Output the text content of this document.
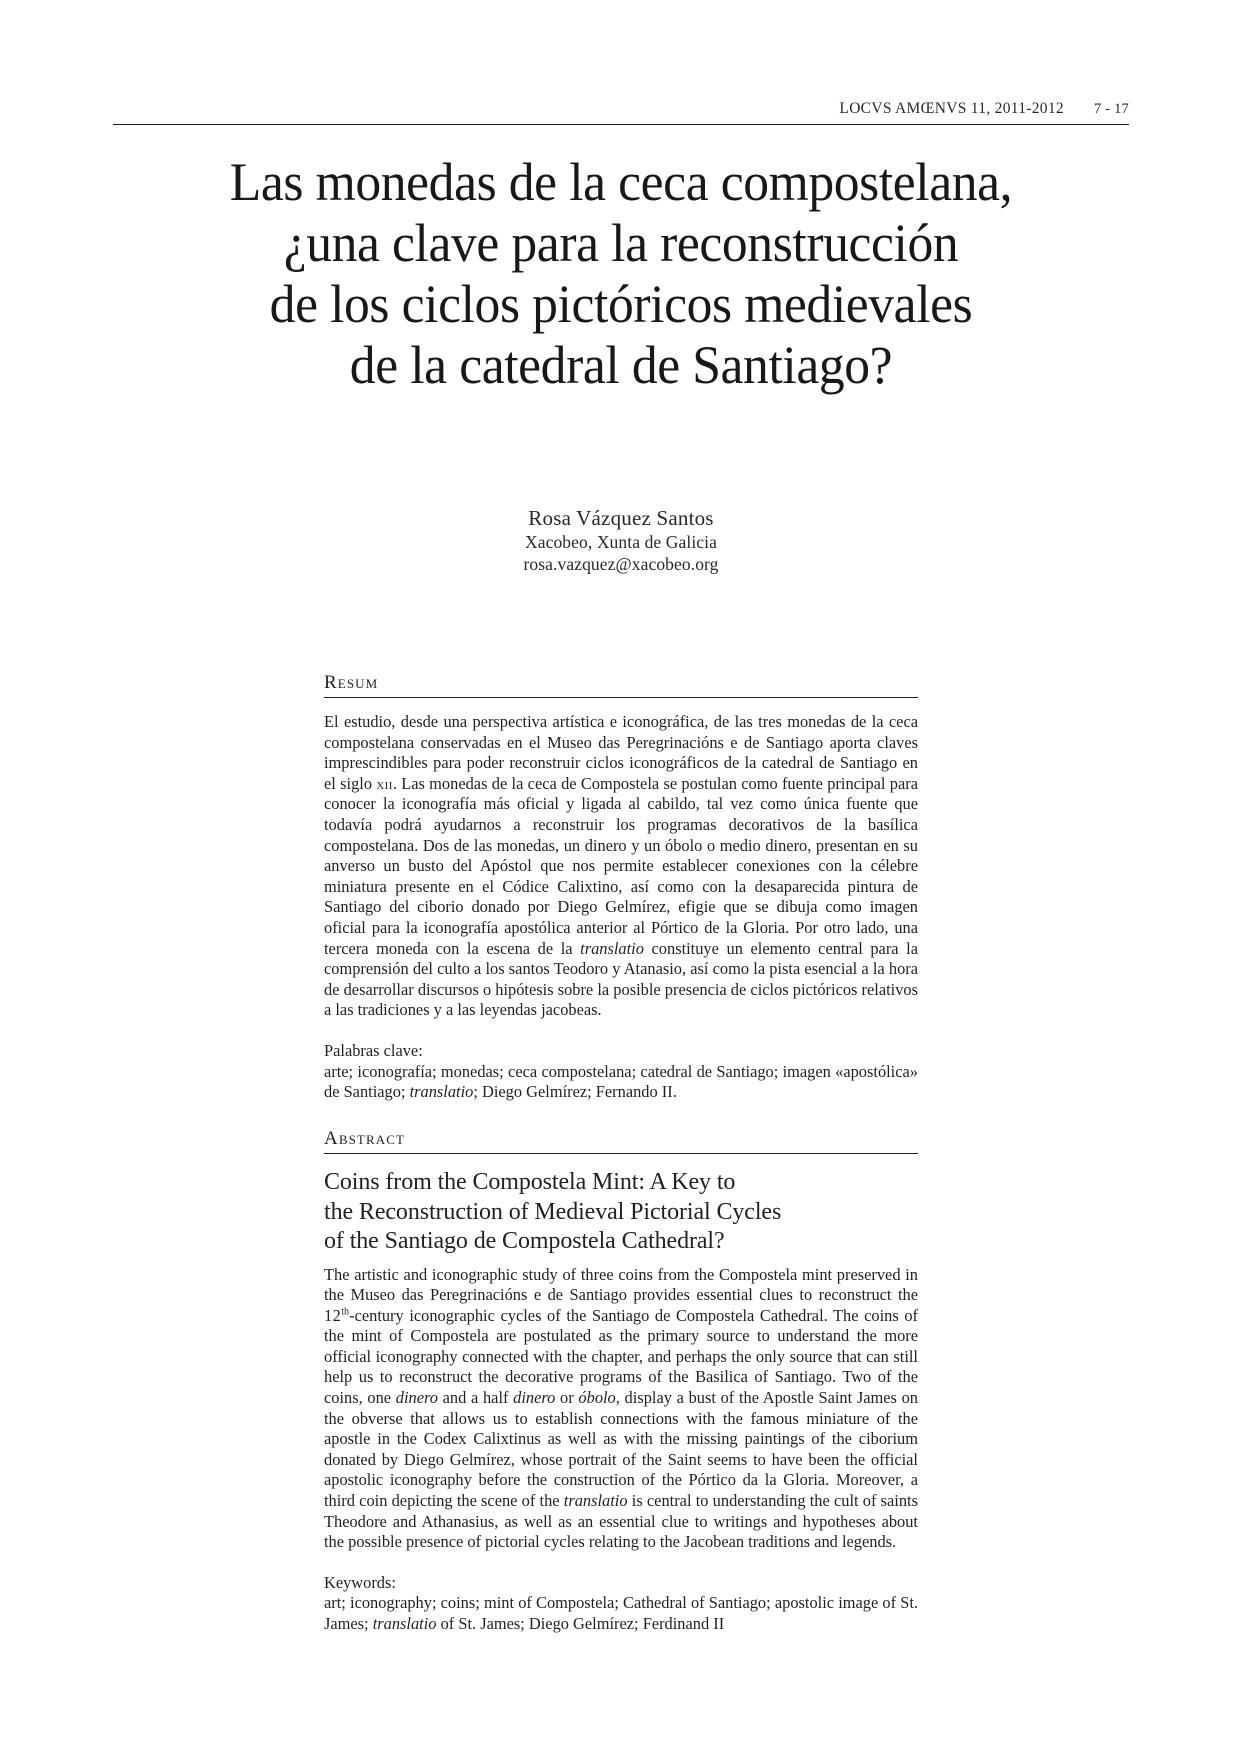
LOCVS AMŒNVS 11, 2011-2012 7 - 17
Las monedas de la ceca compostelana,
¿una clave para la reconstrucción
de los ciclos pictóricos medievales
de la catedral de Santiago?
Rosa Vázquez Santos
Xacobeo, Xunta de Galicia
rosa.vazquez@xacobeo.org
Resum

El estudio, desde una perspectiva artística e iconográfica, de las tres monedas de la ceca compostelana conservadas en el Museo das Peregrinacións e de Santiago aporta claves imprescindibles para poder reconstruir ciclos iconográficos de la catedral de Santiago en el siglo xii. Las monedas de la ceca de Compostela se postulan como fuente principal para conocer la iconografía más oficial y ligada al cabildo, tal vez como única fuente que todavía podrá ayudarnos a reconstruir los programas decorativos de la basílica compostelana. Dos de las monedas, un dinero y un óbolo o medio dinero, presentan en su anverso un busto del Apóstol que nos permite establecer conexiones con la célebre miniatura presente en el Códice Calixtino, así como con la desaparecida pintura de Santiago del ciborio donado por Diego Gelmírez, efigie que se dibuja como imagen oficial para la iconografía apostólica anterior al Pórtico de la Gloria. Por otro lado, una tercera moneda con la escena de la translatio constituye un elemento central para la comprensión del culto a los santos Teodoro y Atanasio, así como la pista esencial a la hora de desarrollar discursos o hipótesis sobre la posible presencia de ciclos pictóricos relativos a las tradiciones y a las leyendas jacobeas.

Palabras clave:
arte; iconografía; monedas; ceca compostelana; catedral de Santiago; imagen «apostólica» de Santiago; translatio; Diego Gelmírez; Fernando II.
Abstract
Coins from the Compostela Mint: A Key to
the Reconstruction of Medieval Pictorial Cycles
of the Santiago de Compostela Cathedral?

The artistic and iconographic study of three coins from the Compostela mint preserved in the Museo das Peregrinacións e de Santiago provides essential clues to reconstruct the 12th-century iconographic cycles of the Santiago de Compostela Cathedral. The coins of the mint of Compostela are postulated as the primary source to understand the more official iconography connected with the chapter, and perhaps the only source that can still help us to reconstruct the decorative programs of the Basilica of Santiago. Two of the coins, one dinero and a half dinero or óbolo, display a bust of the Apostle Saint James on the obverse that allows us to establish connections with the famous miniature of the apostle in the Codex Calixtinus as well as with the missing paintings of the ciborium donated by Diego Gelmírez, whose portrait of the Saint seems to have been the official apostolic iconography before the construction of the Pórtico da la Gloria. Moreover, a third coin depicting the scene of the translatio is central to understanding the cult of saints Theodore and Athanasius, as well as an essential clue to writings and hypotheses about the possible presence of pictorial cycles relating to the Jacobean traditions and legends.

Keywords:
art; iconography; coins; mint of Compostela; Cathedral of Santiago; apostolic image of St. James; translatio of St. James; Diego Gelmírez; Ferdinand II
